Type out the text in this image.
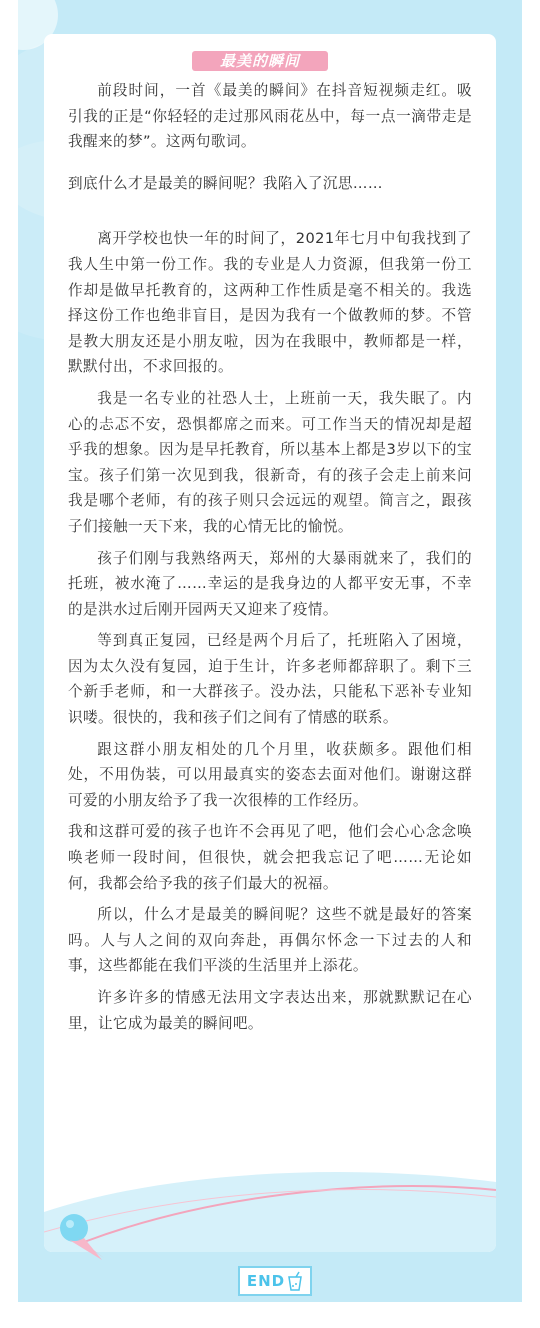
最美的瞬间

前段时间，一首《最美的瞬间》在抖音短视频走红。吸引我的正是“你轻轻的走过那风雨花丛中，每一点一滴带走是我醒来的梦”。这两句歌词。

到底什么才是最美的瞬间呢？我陷入了沉思……

离开学校也快一年的时间了，2021年七月中旬我找到了我人生中第一份工作。我的专业是人力资源，但我第一份工作却是做早托教育的，这两种工作性质是毫不相关的。我选择这份工作也绝非盲目，是因为我有一个做教师的梦。不管是教大朋友还是小朋友啦，因为在我眼中，教师都是一样，默默付出，不求回报的。

我是一名专业的社恐人士，上班前一天，我失眠了。内心的忐忑不安，恐惧都席之而来。可工作当天的情况却是超乎我的想象。因为是早托教育，所以基本上都是3岁以下的宝宝。孩子们第一次见到我，很新奇，有的孩子会走上前来问我是哪个老师，有的孩子则只会远远的观望。简言之，跟孩子们接触一天下来，我的心情无比的愉悦。

孩子们刚与我熟络两天，郑州的大暴雨就来了，我们的托班，被水淹了……幸运的是我身边的人都平安无事，不幸的是洪水过后刚开园两天又迎来了疫情。

等到真正复园，已经是两个月后了，托班陷入了困境，因为太久没有复园，迫于生计，许多老师都辞职了。剩下三个新手老师，和一大群孩子。没办法，只能私下恶补专业知识喽。很快的，我和孩子们之间有了情感的联系。

跟这群小朋友相处的几个月里，收获颇多。跟他们相处，不用伪装，可以用最真实的姿态去面对他们。谢谢这群可爱的小朋友给予了我一次很棒的工作经历。

我和这群可爱的孩子也许不会再见了吧，他们会心心念念唤唤老师一段时间，但很快，就会把我忘记了吧……无论如何，我都会给予我的孩子们最大的祝福。

所以，什么才是最美的瞬间呢？这些不就是最好的答案吗。人与人之间的双向奔赴，再偶尔怀念一下过去的人和事，这些都能在我们平淡的生活里并上添花。

许多许多的情感无法用文字表达出来，那就默默记在心里，让它成为最美的瞬间吧。

END
